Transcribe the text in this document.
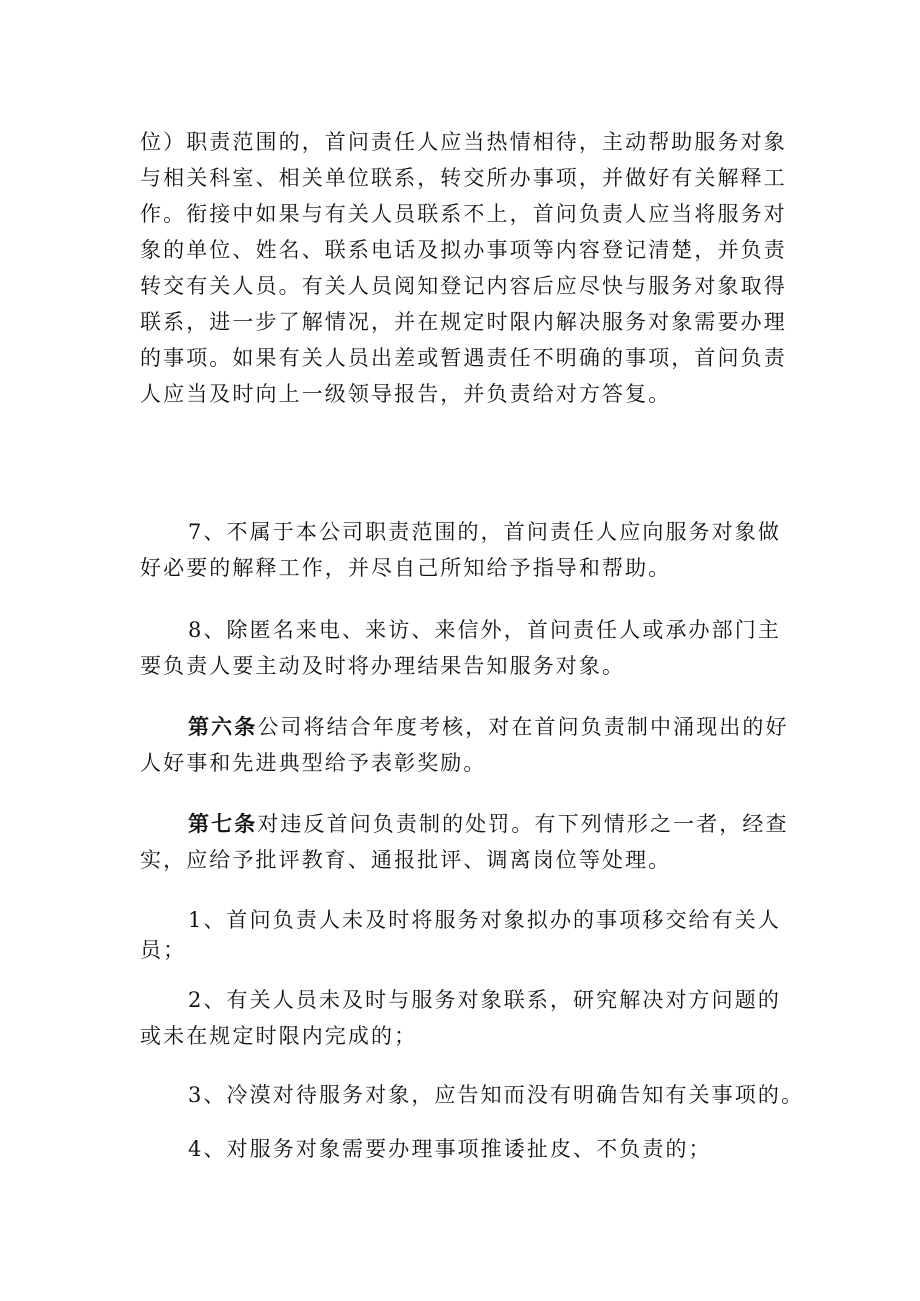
位）职责范围的，首问责任人应当热情相待，主动帮助服务对象
与相关科室、相关单位联系，转交所办事项，并做好有关解释工
作。衔接中如果与有关人员联系不上，首问负责人应当将服务对
象的单位、姓名、联系电话及拟办事项等内容登记清楚，并负责
转交有关人员。有关人员阅知登记内容后应尽快与服务对象取得
联系，进一步了解情况，并在规定时限内解决服务对象需要办理
的事项。如果有关人员出差或暂遇责任不明确的事项，首问负责
人应当及时向上一级领导报告，并负责给对方答复。
7、不属于本公司职责范围的，首问责任人应向服务对象做
好必要的解释工作，并尽自己所知给予指导和帮助。
8、除匿名来电、来访、来信外，首问责任人或承办部门主
要负责人要主动及时将办理结果告知服务对象。
第六条公司将结合年度考核，对在首问负责制中涌现出的好
人好事和先进典型给予表彰奖励。
第七条对违反首问负责制的处罚。有下列情形之一者，经查
实，应给予批评教育、通报批评、调离岗位等处理。
1、首问负责人未及时将服务对象拟办的事项移交给有关人
员；
2、有关人员未及时与服务对象联系，研究解决对方问题的
或未在规定时限内完成的；
3、冷漠对待服务对象，应告知而没有明确告知有关事项的。
4、对服务对象需要办理事项推诿扯皮、不负责的；
